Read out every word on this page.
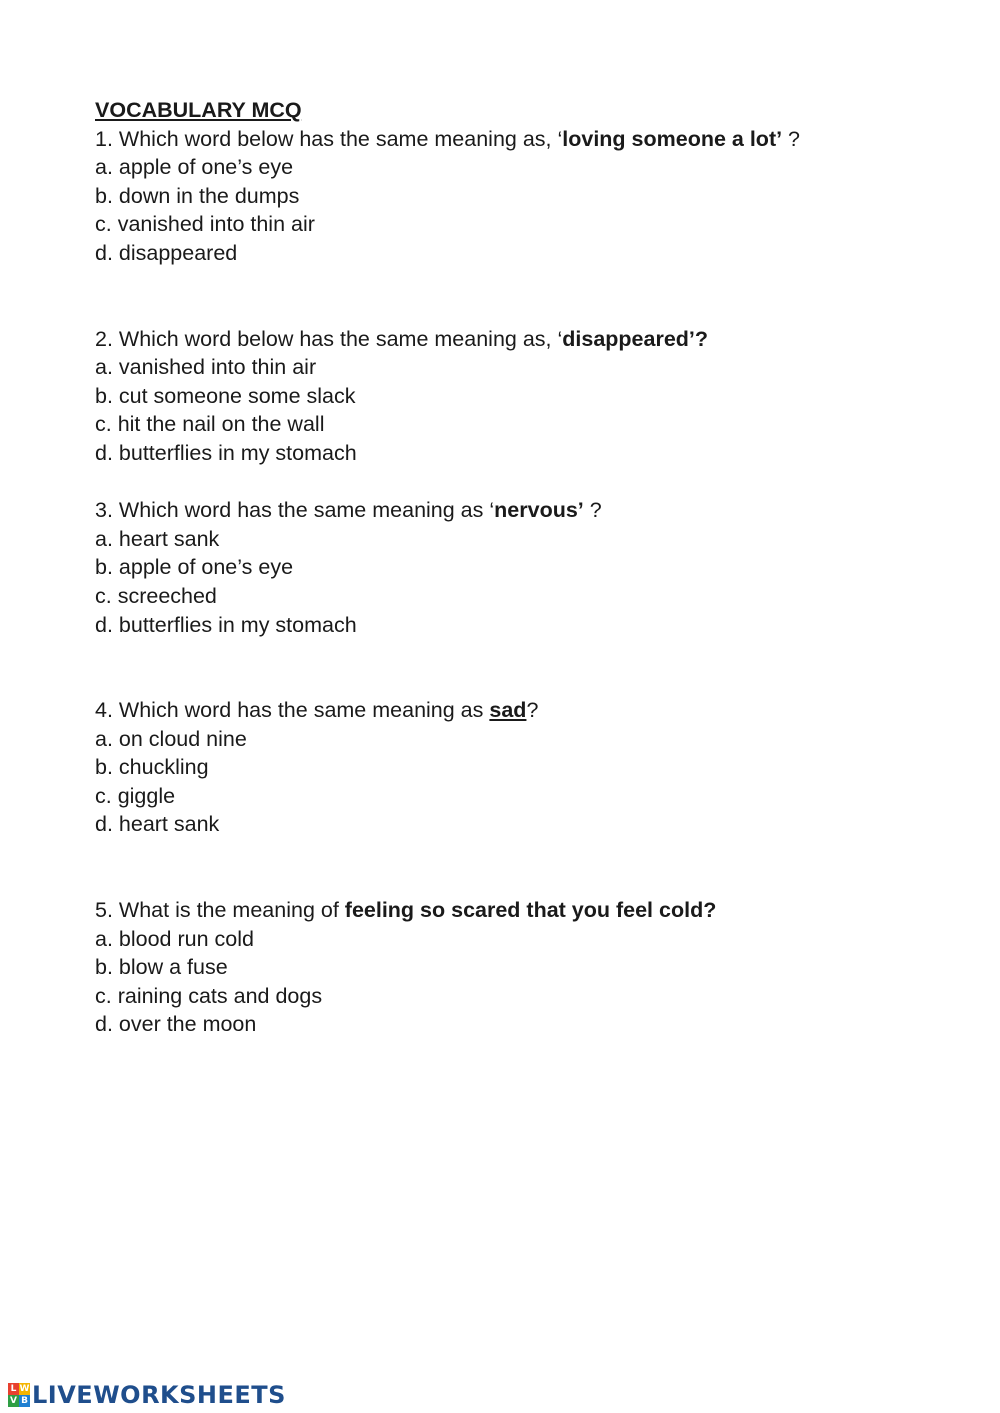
VOCABULARY MCQ
1. Which word below has the same meaning as, ‘loving someone a lot’ ?
a. apple of one’s eye
b. down in the dumps
c. vanished into thin air
d. disappeared
2. Which word below has the same meaning as, ‘disappeared’?
a. vanished into thin air
b. cut someone some slack
c. hit the nail on the wall
d. butterflies in my stomach
3. Which word has the same meaning as ‘nervous’ ?
a. heart sank
b. apple of one’s eye
c. screeched
d. butterflies in my stomach
4. Which word has the same meaning as sad?
a. on cloud nine
b. chuckling
c. giggle
d. heart sank
5. What is the meaning of feeling so scared that you feel cold?
a. blood run cold
b. blow a fuse
c. raining cats and dogs
d. over the moon
L W
V B LIVEWORKSHEETS
